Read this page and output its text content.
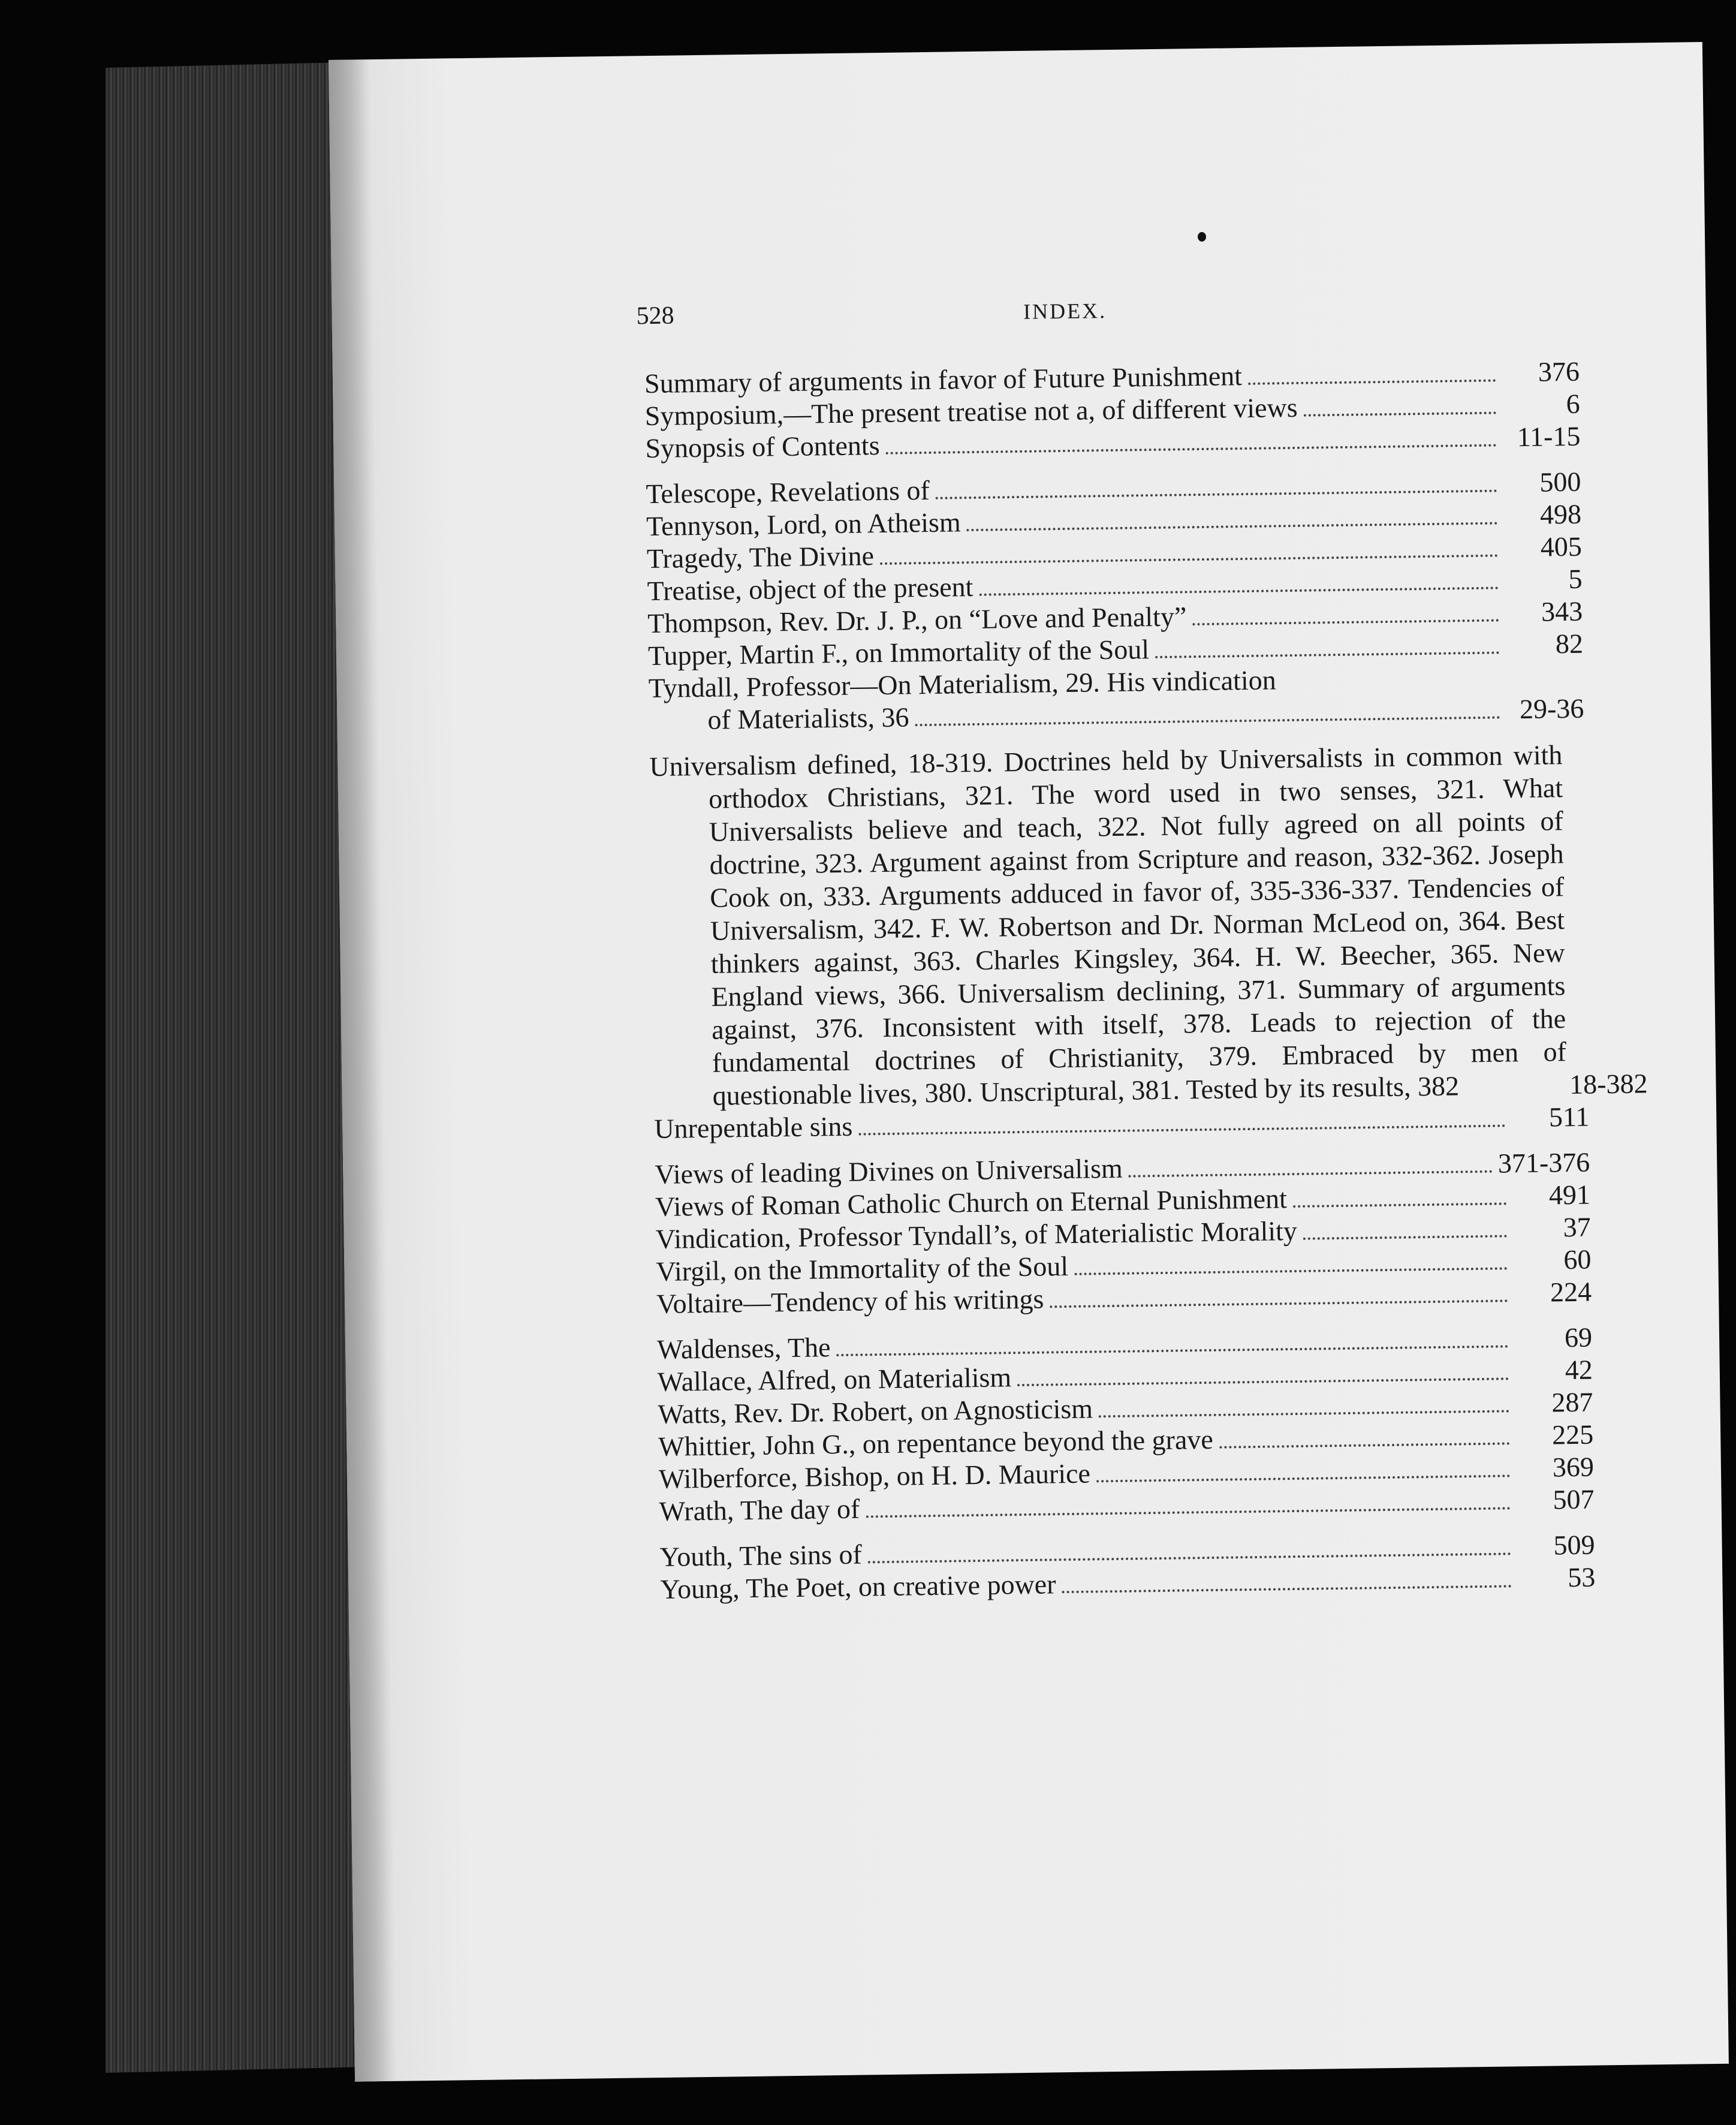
528	INDEX.
Summary of arguments in favor of Future Punishment	376
Symposium,—The present treatise not a, of different views	6
Synopsis of Contents	11-15
Telescope, Revelations of	500
Tennyson, Lord, on Atheism	498
Tragedy, The Divine	405
Treatise, object of the present	5
Thompson, Rev. Dr. J. P., on “Love and Penalty”	343
Tupper, Martin F., on Immortality of the Soul	82
Tyndall, Professor—On Materialism, 29. His vindication
of Materialists, 36	29-36
Universalism defined, 18-319. Doctrines held by Universalists in common with orthodox Christians, 321. The word used in two senses, 321. What Universalists believe and teach, 322. Not fully agreed on all points of doctrine, 323. Argument against from Scripture and reason, 332-362. Joseph Cook on, 333. Arguments adduced in favor of, 335-336-337. Tendencies of Universalism, 342. F. W. Robertson and Dr. Norman McLeod on, 364. Best thinkers against, 363. Charles Kingsley, 364. H. W. Beecher, 365. New England views, 366. Universalism declining, 371. Summary of arguments against, 376. Inconsistent with itself, 378. Leads to rejection of the fundamental doctrines of Christianity, 379. Embraced by men of questionable lives, 380. Unscriptural, 381. Tested by its results, 382	18-382
Unrepentable sins	511
Views of leading Divines on Universalism	371-376
Views of Roman Catholic Church on Eternal Punishment	491
Vindication, Professor Tyndall’s, of Materialistic Morality	37
Virgil, on the Immortality of the Soul	60
Voltaire—Tendency of his writings	224
Waldenses, The	69
Wallace, Alfred, on Materialism	42
Watts, Rev. Dr. Robert, on Agnosticism	287
Whittier, John G., on repentance beyond the grave	225
Wilberforce, Bishop, on H. D. Maurice	369
Wrath, The day of	507
Youth, The sins of	509
Young, The Poet, on creative power	53
